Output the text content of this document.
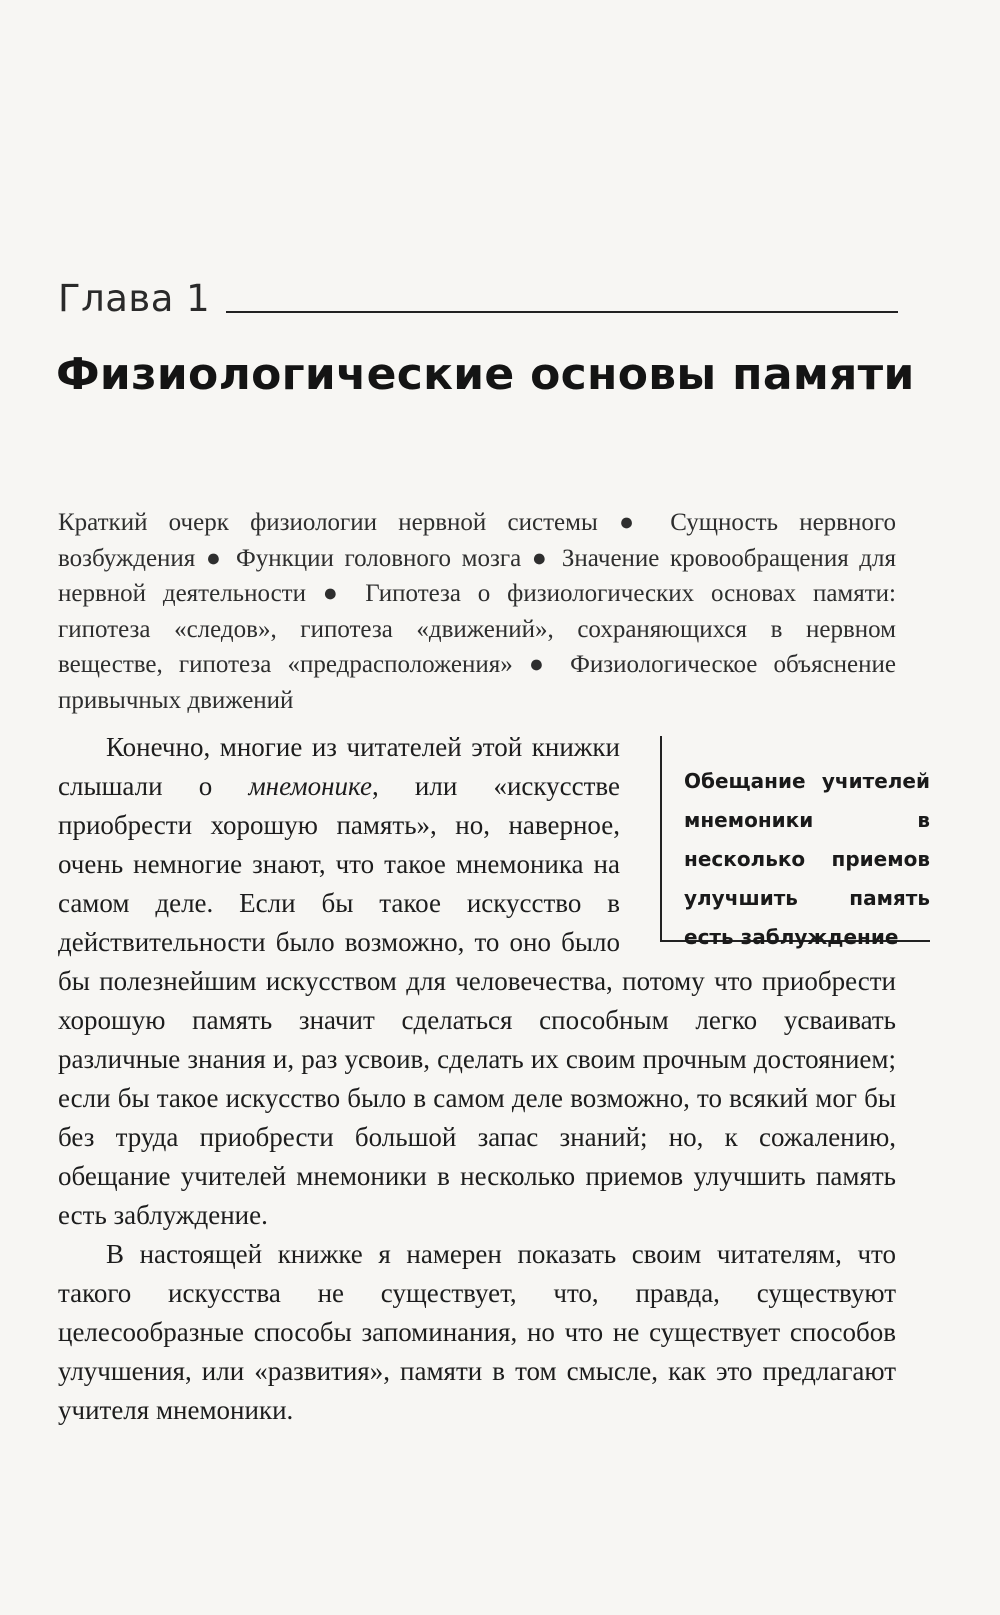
Глава 1
Физиологические основы памяти

Краткий очерк физиологии нервной системы ● Сущность нервного возбуждения ● Функции головного мозга ● Значение кровообращения для нервной деятельности ● Гипотеза о физиологических основах памяти: гипотеза «следов», гипотеза «движений», сохраняющихся в нервном веществе, гипотеза «предрасположения» ● Физиологическое объяснение привычных движений

Обещание учителей мнемоники в несколько приемов улучшить память есть заблуждение
Конечно, многие из читателей этой книжки слышали о мнемонике, или «искусстве приобрести хорошую память», но, наверное, очень немногие знают, что такое мнемоника на самом деле. Если бы такое искусство в действительности было возможно, то оно было бы полезнейшим искусством для человечества, потому что приобрести хорошую память значит сделаться способным легко усваивать различные знания и, раз усвоив, сделать их своим прочным достоянием; если бы такое искусство было в самом деле возможно, то всякий мог бы без труда приобрести большой запас знаний; но, к сожалению, обещание учителей мнемоники в несколько приемов улучшить память есть заблуждение.

В настоящей книжке я намерен показать своим читателям, что такого искусства не существует, что, правда, существуют целесообразные способы запоминания, но что не существует способов улучшения, или «развития», памяти в том смысле, как это предлагают учителя мнемоники.
